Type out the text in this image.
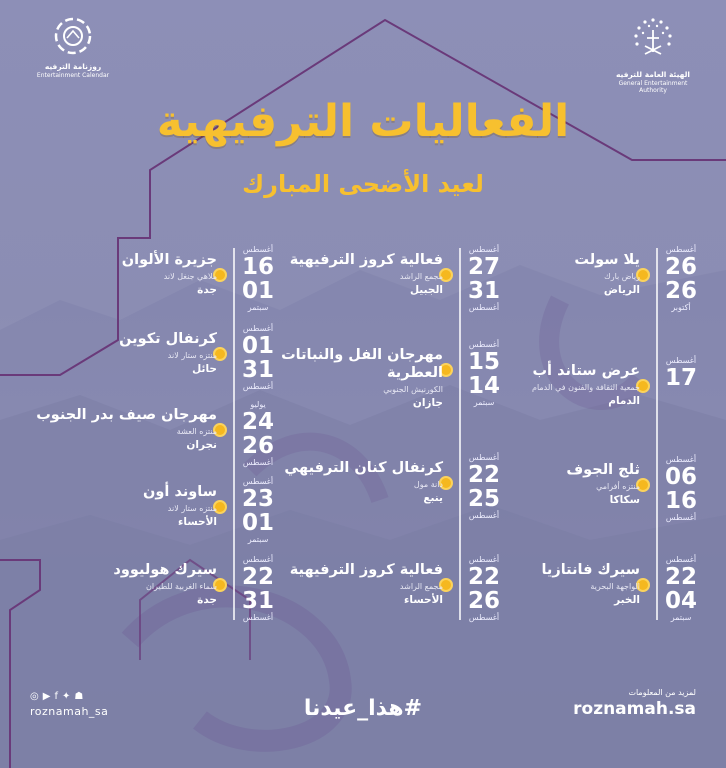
روزنامة الترفيه
Entertainment Calendar	الهيئة العامة للترفيه
General Entertainment Authority
الفعاليات الترفيهية
لعيد الأضحى المبارك
أغسطس
16
01
سبتمر
جزيرة الألوان
ملاهي جنغل لاند
جدة
أغسطس
01
31
أغسطس
كرنفال تكوين
منتزه ستار لاند
حائل
يوليو
24
26
أغسطس
مهرجان صيف بدر الجنوب
منتزه العشة
نجران
أغسطس
23
01
سبتمر
ساوند أون
منتزه ستار لاند
الأحساء
أغسطس
22
31
أغسطس
سيرك هوليوود
سماء الغربية للطيران
جدة
أغسطس
27
31
أغسطس
فعالية كروز الترفيهية
مجمع الراشد
الجبيل
أغسطس
15
14
سبتمر
مهرجان الفل والنباتات العطرية
الكورنيش الجنوبي
جازان
أغسطس
22
25
أغسطس
كرنفال كنان الترفيهي
دانة مول
ينبع
أغسطس
22
26
أغسطس
فعالية كروز الترفيهية
مجمع الراشد
الأحساء
أغسطس
26
26
أكتوبر
يلا سولت
رياض بارك
الرياض
أغسطس
17
عرض ستاند أب
جمعية الثقافة والفنون في الدمام
الدمام
أغسطس
06
16
أغسطس
ثلج الجوف
منتزه أفرامي
سكاكا
أغسطس
22
04
سبتمر
سيرك فانتازيا
الواجهة البحرية
الخبر
◎ ▶ f ✦ ☗
roznamah_sa	#هذا_عيدنا
لمزيد من المعلومات
roznamah.sa
